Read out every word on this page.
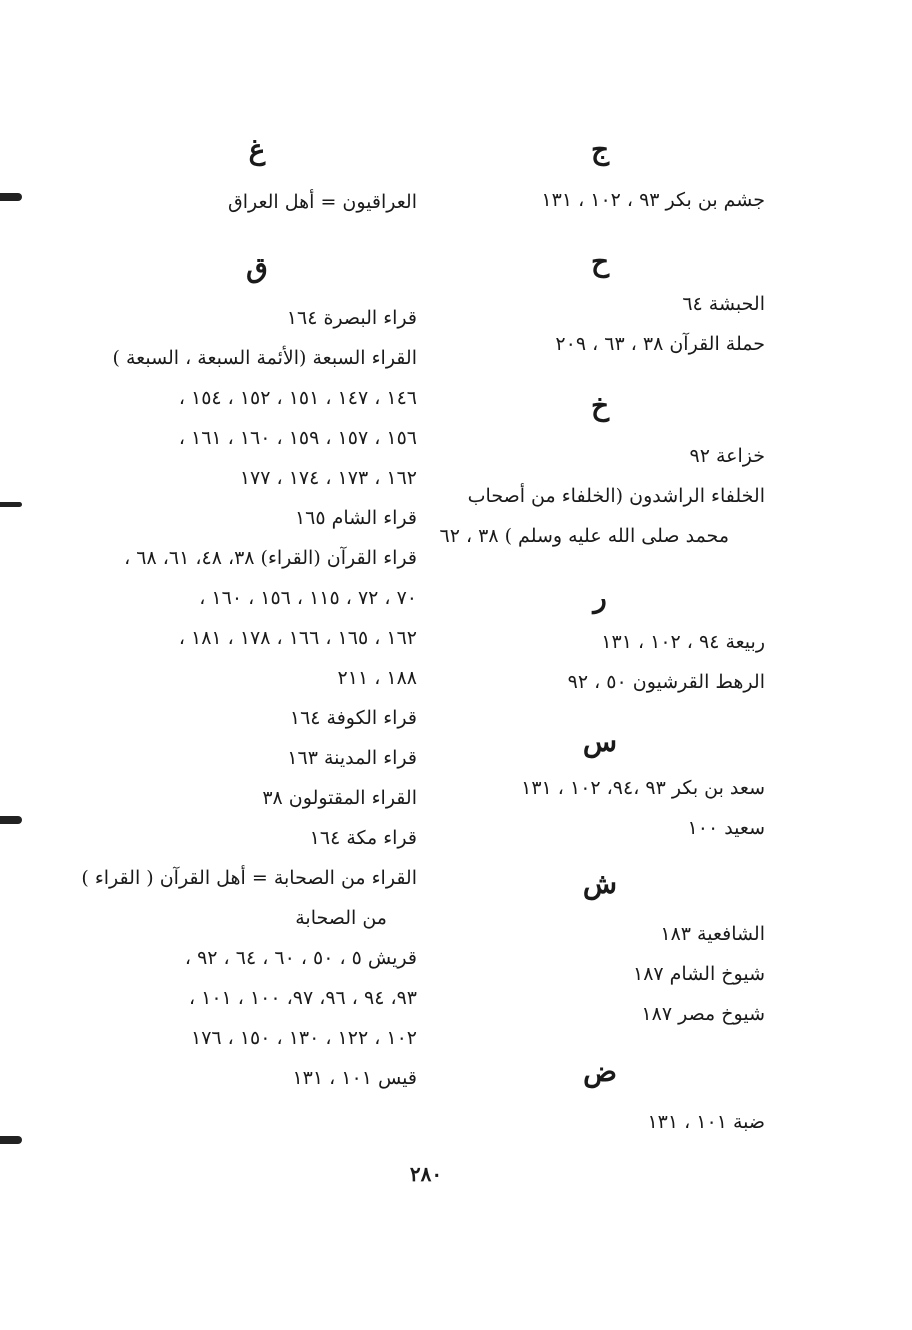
ج
جشم بن بكر ٩٣ ، ١٠٢ ، ١٣١
ح
الحبشة ٦٤
حملة القرآن ٣٨ ، ٦٣ ، ٢٠٩
خ
خزاعة ٩٢
الخلفاء الراشدون (الخلفاء من أصحاب
محمد صلى الله عليه وسلم ) ٣٨ ، ٦٢
ر
ربيعة ٩٤ ، ١٠٢ ، ١٣١
الرهط القرشيون ٥٠ ، ٩٢
س
سعد بن بكر ٩٣ ،٩٤، ١٠٢ ، ١٣١
سعيد ١٠٠
ش
الشافعية ١٨٣
شيوخ الشام ١٨٧
شيوخ مصر ١٨٧
ض
ضبة ١٠١ ، ١٣١
غ
العراقيون = أهل العراق
ق
قراء البصرة ١٦٤
القراء السبعة (الأئمة السبعة ، السبعة )
١٤٦ ، ١٤٧ ، ١٥١ ، ١٥٢ ، ١٥٤ ،
١٥٦ ، ١٥٧ ، ١٥٩ ، ١٦٠ ، ١٦١ ،
١٦٢ ، ١٧٣ ، ١٧٤ ، ١٧٧
قراء الشام ١٦٥
قراء القرآن (القراء) ٣٨، ٤٨، ٦١، ٦٨ ،
٧٠ ، ٧٢ ، ١١٥ ، ١٥٦ ، ١٦٠ ،
١٦٢ ، ١٦٥ ، ١٦٦ ، ١٧٨ ، ١٨١ ،
١٨٨ ، ٢١١
قراء الكوفة ١٦٤
قراء المدينة ١٦٣
القراء المقتولون ٣٨
قراء مكة ١٦٤
القراء من الصحابة = أهل القرآن ( القراء )
من الصحابة
قريش ٥ ، ٥٠ ، ٦٠ ، ٦٤ ، ٩٢ ،
٩٣، ٩٤ ، ٩٦، ٩٧، ١٠٠ ، ١٠١ ،
١٠٢ ، ١٢٢ ، ١٣٠ ، ١٥٠ ، ١٧٦
قيس ١٠١ ، ١٣١
٢٨٠
